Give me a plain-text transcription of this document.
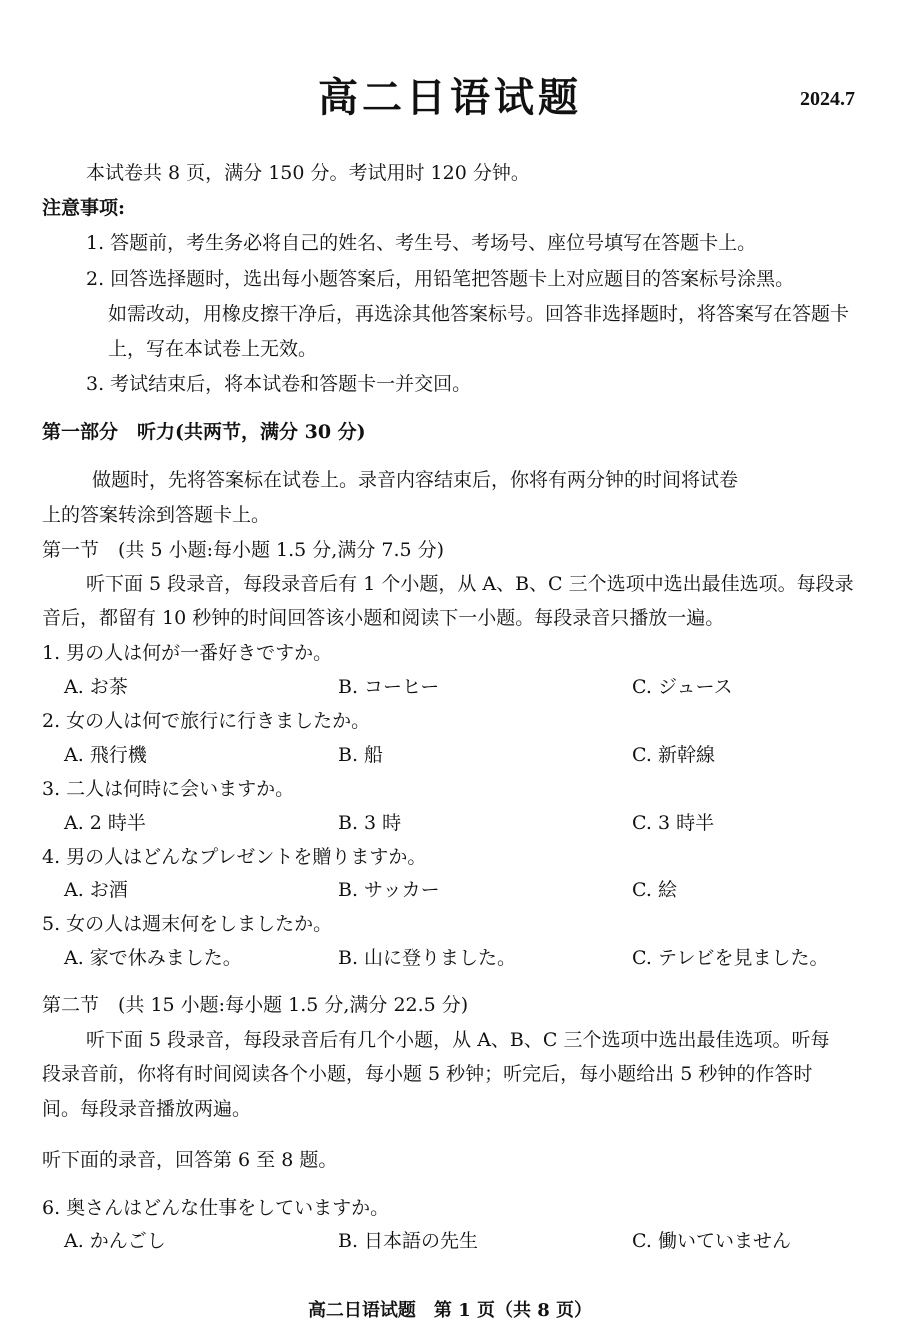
高二日语试题	2024.7
本试卷共 8 页，满分 150 分。考试用时 120 分钟。
注意事项:
1. 答题前，考生务必将自己的姓名、考生号、考场号、座位号填写在答题卡上。
2. 回答选择题时，选出每小题答案后，用铅笔把答题卡上对应题目的答案标号涂黑。
如需改动，用橡皮擦干净后，再选涂其他答案标号。回答非选择题时，将答案写在答题卡
上，写在本试卷上无效。
3. 考试结束后，将本试卷和答题卡一并交回。
第一部分　听力(共两节，满分 30 分)
做题时，先将答案标在试卷上。录音内容结束后，你将有两分钟的时间将试卷
上的答案转涂到答题卡上。
第一节　(共 5 小题:每小题 1.5 分,满分 7.5 分)
听下面 5 段录音，每段录音后有 1 个小题，从 A、B、C 三个选项中选出最佳选项。每段录
音后，都留有 10 秒钟的时间回答该小题和阅读下一小题。每段录音只播放一遍。
1. 男の人は何が一番好きですか。
A. お茶	B. コーヒー	C. ジュース
2. 女の人は何で旅行に行きましたか。
A. 飛行機	B. 船	C. 新幹線
3. 二人は何時に会いますか。
A. 2 時半	B. 3 時	C. 3 時半
4. 男の人はどんなプレゼントを贈りますか。
A. お酒	B. サッカー	C. 絵
5. 女の人は週末何をしましたか。
A. 家で休みました。	B. 山に登りました。	C. テレビを見ました。
第二节　(共 15 小题:每小题 1.5 分,满分 22.5 分)
听下面 5 段录音，每段录音后有几个小题，从 A、B、C 三个选项中选出最佳选项。听每
段录音前，你将有时间阅读各个小题，每小题 5 秒钟；听完后，每小题给出 5 秒钟的作答时
间。每段录音播放两遍。
听下面的录音，回答第 6 至 8 题。
6. 奥さんはどんな仕事をしていますか。
A. かんごし	B. 日本語の先生	C. 働いていません
高二日语试题　第 1 页（共 8 页）
